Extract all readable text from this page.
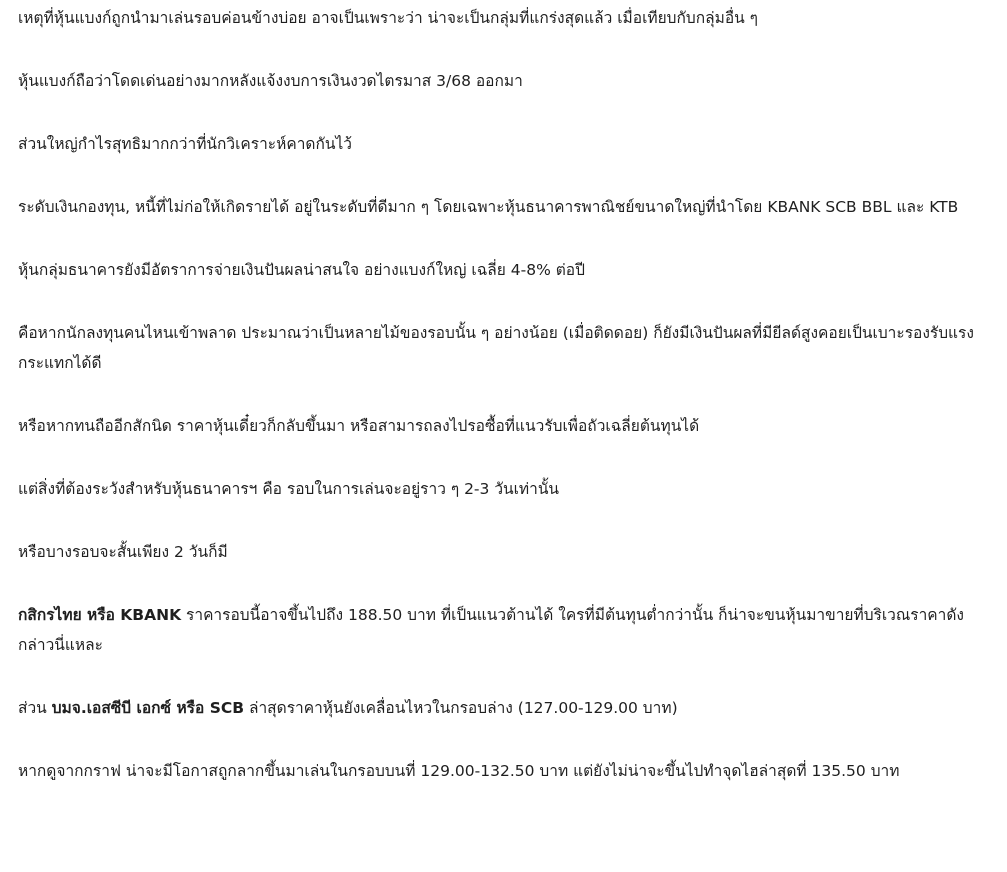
เหตุที่หุ้นแบงก์ถูกนำมาเล่นรอบค่อนข้างบ่อย อาจเป็นเพราะว่า น่าจะเป็นกลุ่มที่แกร่งสุดแล้ว เมื่อเทียบกับกลุ่มอื่น ๆ

หุ้นแบงก์ถือว่าโดดเด่นอย่างมากหลังแจ้งงบการเงินงวดไตรมาส 3/68 ออกมา

ส่วนใหญ่กำไรสุทธิมากกว่าที่นักวิเคราะห์คาดกันไว้

ระดับเงินกองทุน, หนี้ที่ไม่ก่อให้เกิดรายได้ อยู่ในระดับที่ดีมาก ๆ โดยเฉพาะหุ้นธนาคารพาณิชย์ขนาดใหญ่ที่นำโดย KBANK SCB BBL และ KTB

หุ้นกลุ่มธนาคารยังมีอัตราการจ่ายเงินปันผลน่าสนใจ อย่างแบงก์ใหญ่ เฉลี่ย 4-8% ต่อปี

คือหากนักลงทุนคนไหนเข้าพลาด ประมาณว่าเป็นหลายไม้ของรอบนั้น ๆ อย่างน้อย (เมื่อติดดอย) ก็ยังมีเงินปันผลที่มียีลด์สูงคอยเป็นเบาะรองรับแรงกระแทกได้ดี

หรือหากทนถืออีกสักนิด ราคาหุ้นเดี๋ยวก็กลับขึ้นมา หรือสามารถลงไปรอซื้อที่แนวรับเพื่อถัวเฉลี่ยต้นทุนได้

แต่สิ่งที่ต้องระวังสำหรับหุ้นธนาคารฯ คือ รอบในการเล่นจะอยู่ราว ๆ 2-3 วันเท่านั้น

หรือบางรอบจะสั้นเพียง 2 วันก็มี

กสิกรไทย หรือ KBANK ราคารอบนี้อาจขึ้นไปถึง 188.50 บาท ที่เป็นแนวต้านได้ ใครที่มีต้นทุนต่ำกว่านั้น ก็น่าจะขนหุ้นมาขายที่บริเวณราคาดังกล่าวนี่แหละ

ส่วน บมจ.เอสซีบี เอกซ์ หรือ SCB ล่าสุดราคาหุ้นยังเคลื่อนไหวในกรอบล่าง (127.00-129.00 บาท)

หากดูจากกราฟ น่าจะมีโอกาสถูกลากขึ้นมาเล่นในกรอบบนที่ 129.00-132.50 บาท แต่ยังไม่น่าจะขึ้นไปทำจุดไฮล่าสุดที่ 135.50 บาท
